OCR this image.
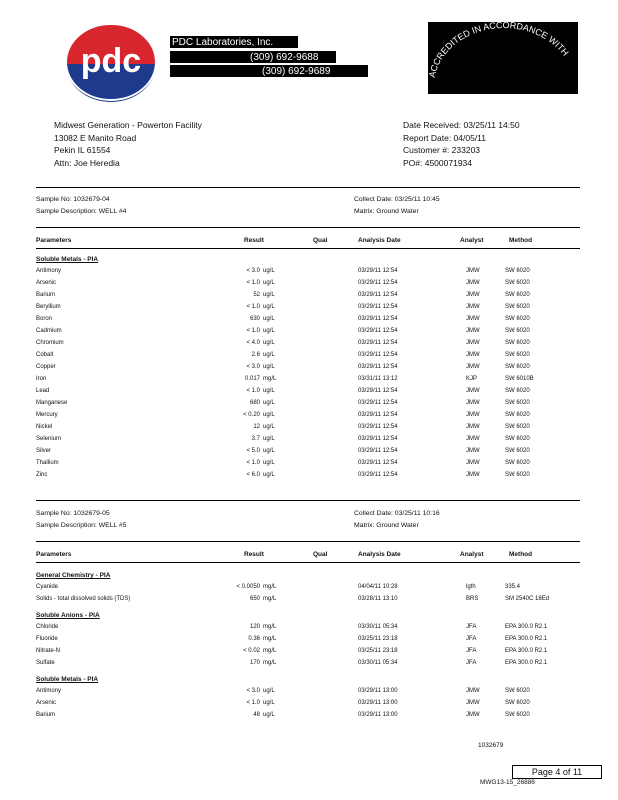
pdc	PDC Laboratories, Inc.
(309) 692-9688
(309) 692-9689	ACCREDITED IN ACCORDANCE WITH
Midwest Generation - Powerton Facility
13082 E Manito Road
Pekin IL 61554
Attn: Joe Heredia
Date Received: 03/25/11 14:50
Report Date: 04/05/11
Customer #: 233203
PO#: 4500071934
Sample No: 1032679-04
Sample Description: WELL #4
Collect Date: 03/25/11 10:45
Matrix: Ground Water
Parameters	Result	Qual	Analysis Date	Analyst	Method
Soluble Metals - PIA
Antimony	< 3.0 ug/L	03/29/11 12:54	JMW	SW 6020
Arsenic	< 1.0 ug/L	03/29/11 12:54	JMW	SW 6020
Barium	52 ug/L	03/29/11 12:54	JMW	SW 6020
Beryllium	< 1.0 ug/L	03/29/11 12:54	JMW	SW 6020
Boron	630 ug/L	03/29/11 12:54	JMW	SW 6020
Cadmium	< 1.0 ug/L	03/29/11 12:54	JMW	SW 6020
Chromium	< 4.0 ug/L	03/29/11 12:54	JMW	SW 6020
Cobalt	2.6 ug/L	03/29/11 12:54	JMW	SW 6020
Copper	< 3.0 ug/L	03/29/11 12:54	JMW	SW 6020
Iron	0.017 mg/L	03/31/11 13:12	KJP	SW 6010B
Lead	< 1.0 ug/L	03/29/11 12:54	JMW	SW 6020
Manganese	680 ug/L	03/29/11 12:54	JMW	SW 6020
Mercury	< 0.20 ug/L	03/29/11 12:54	JMW	SW 6020
Nickel	12 ug/L	03/29/11 12:54	JMW	SW 6020
Selenium	3.7 ug/L	03/29/11 12:54	JMW	SW 6020
Silver	< 5.0 ug/L	03/29/11 12:54	JMW	SW 6020
Thallium	< 1.0 ug/L	03/29/11 12:54	JMW	SW 6020
Zinc	< 6.0 ug/L	03/29/11 12:54	JMW	SW 6020
Sample No: 1032679-05
Sample Description: WELL #5
Collect Date: 03/25/11 10:16
Matrix: Ground Water
Parameters	Result	Qual	Analysis Date	Analyst	Method
General Chemistry - PIA
Cyanide	< 0.0050 mg/L	04/04/11 10:28	lgth	335.4
Solids - total dissolved solids (TDS)	650 mg/L	03/28/11 13:10	BRS	SM 2540C 18Ed
Soluble Anions - PIA
Chloride	120 mg/L	03/30/11 05:34	JFA	EPA 300.0 R2.1
Fluoride	0.36 mg/L	03/25/11 23:18	JFA	EPA 300.0 R2.1
Nitrate-N	< 0.02 mg/L	03/25/11 23:18	JFA	EPA 300.0 R2.1
Sulfate	170 mg/L	03/30/11 05:34	JFA	EPA 300.0 R2.1
Soluble Metals - PIA
Antimony	< 3.0 ug/L	03/29/11 13:00	JMW	SW 6020
Arsenic	< 1.0 ug/L	03/29/11 13:00	JMW	SW 6020
Barium	48 ug/L	03/29/11 13:00	JMW	SW 6020
1032679
Page 4 of 11
MWG13-15_26886
